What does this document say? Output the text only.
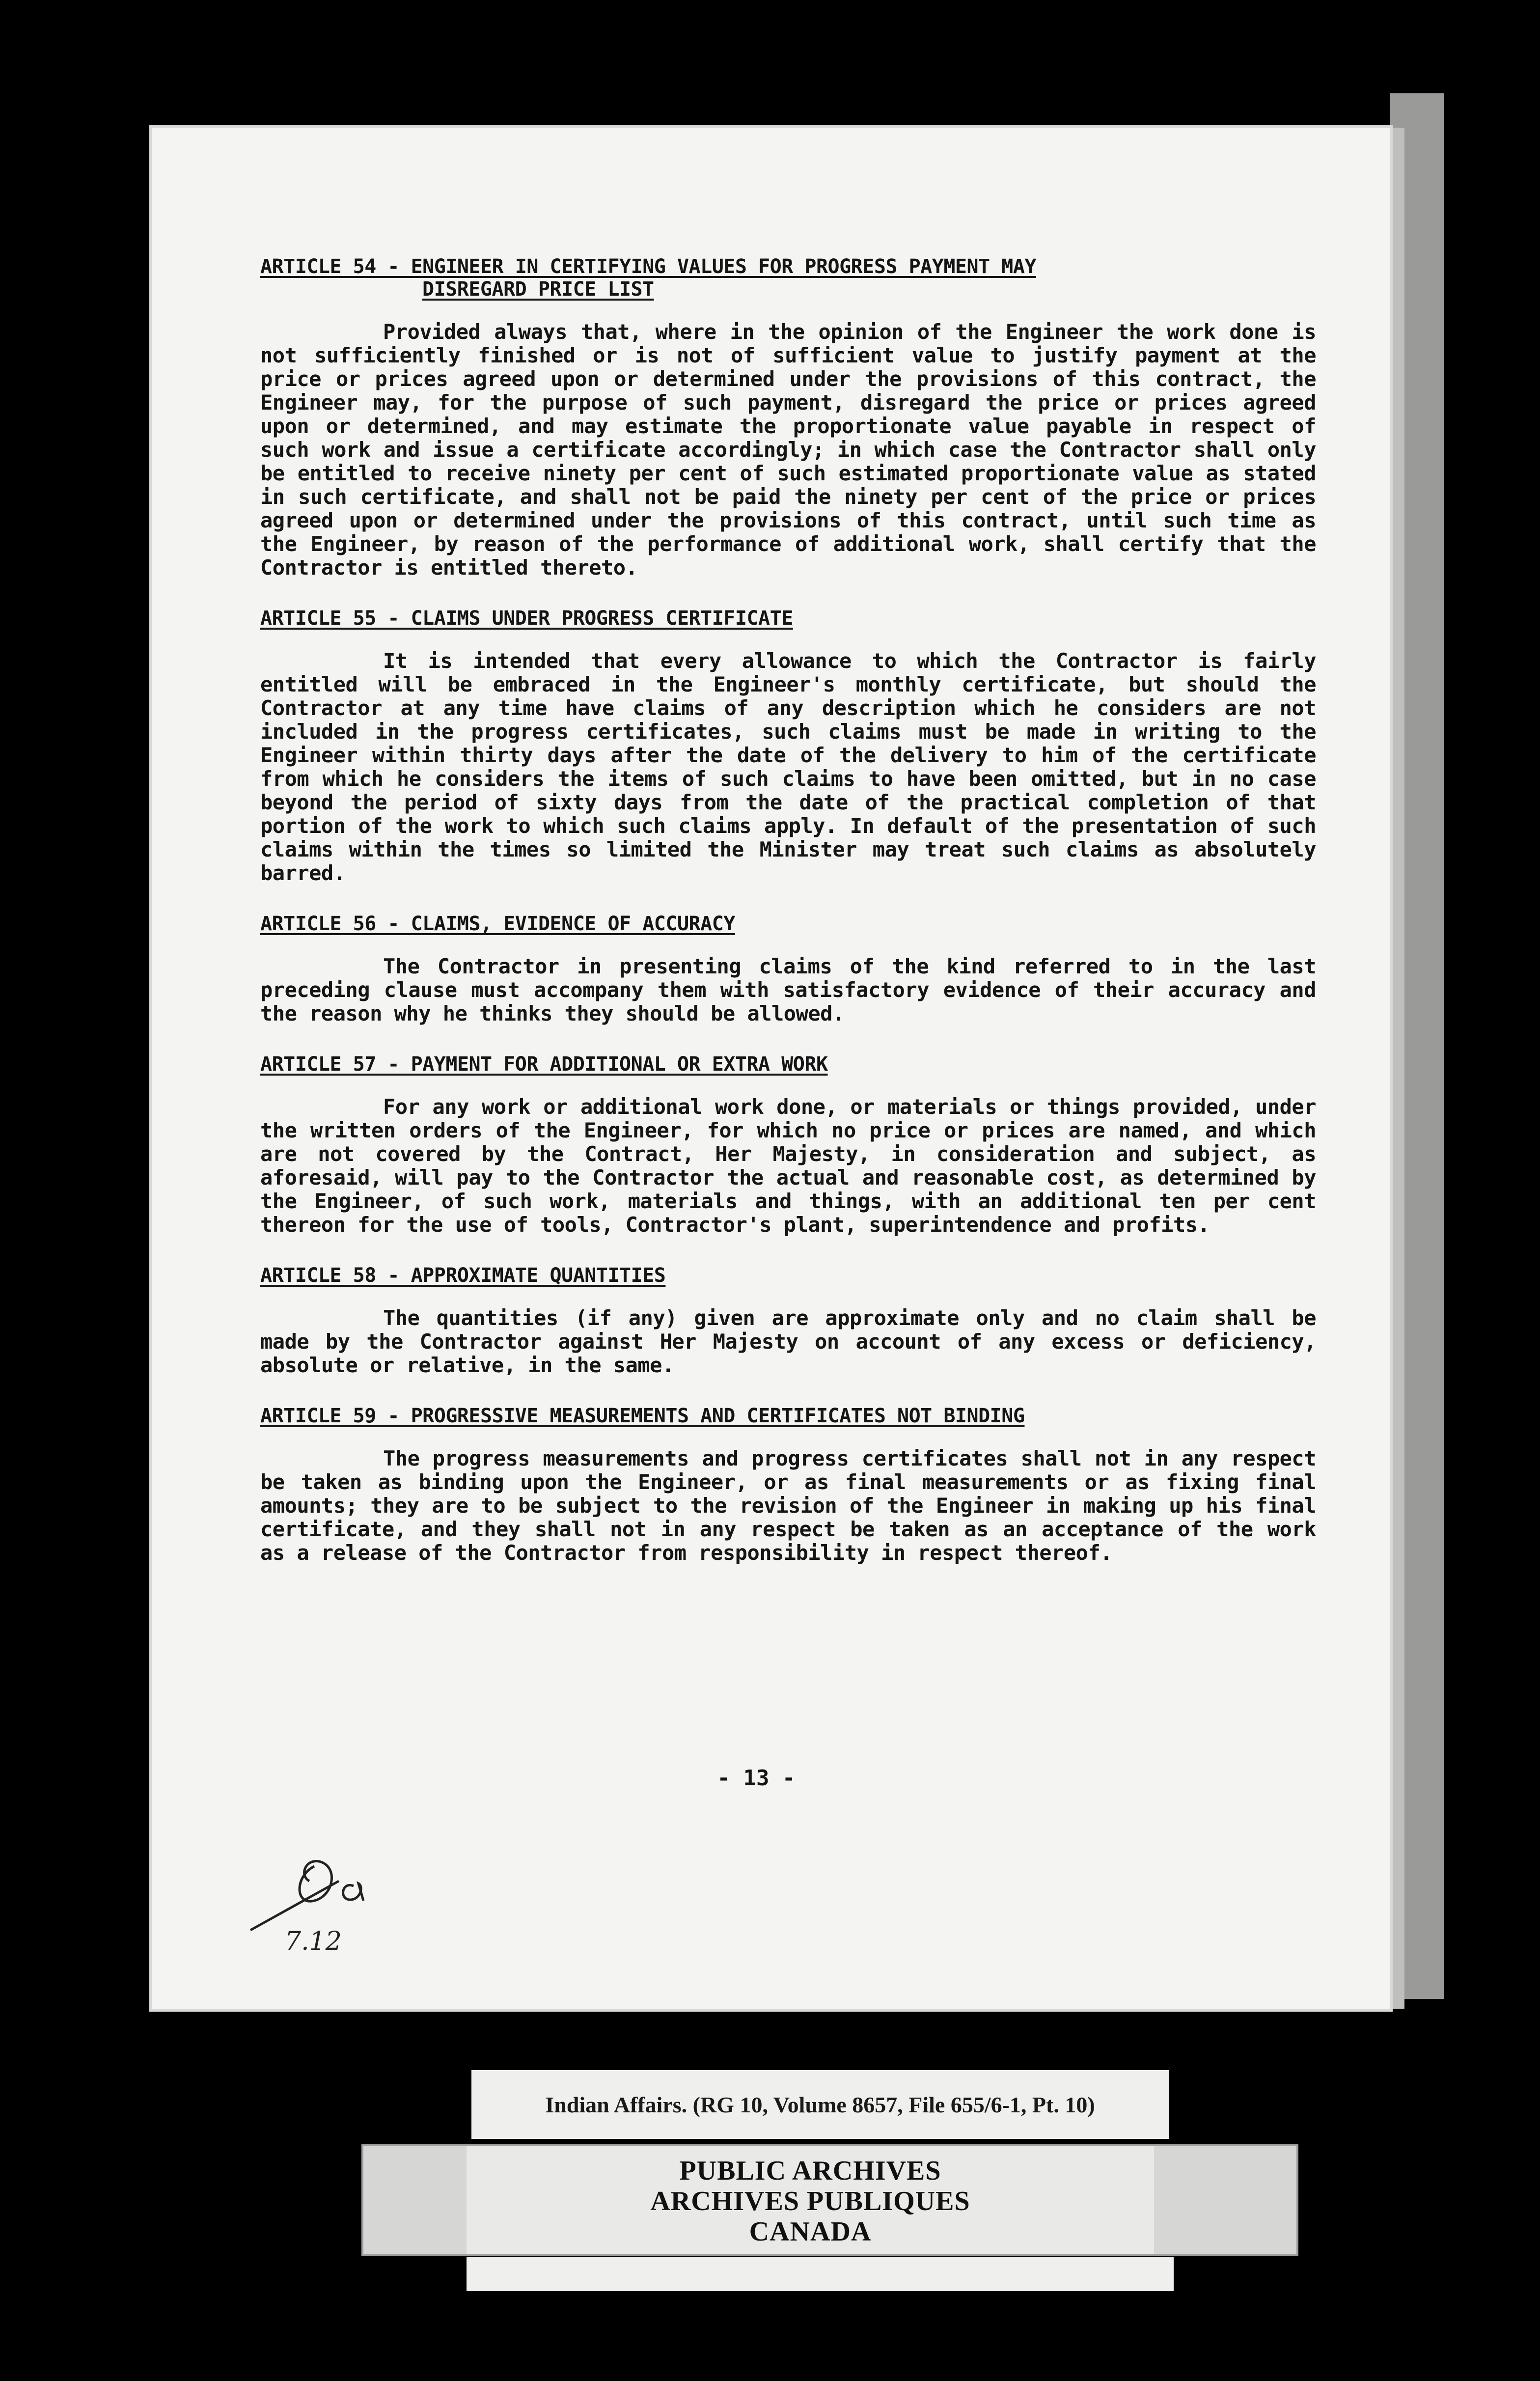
ARTICLE 54 - ENGINEER IN CERTIFYING VALUES FOR PROGRESS PAYMENT MAY

DISREGARD PRICE LIST

Provided always that, where in the opinion of the Engineer the work done is not sufficiently finished or is not of sufficient value to justify payment at the price or prices agreed upon or determined under the provisions of this contract, the Engineer may, for the purpose of such payment, disregard the price or prices agreed upon or determined, and may estimate the proportionate value payable in respect of such work and issue a certificate accordingly; in which case the Contractor shall only be entitled to receive ninety per cent of such estimated proportionate value as stated in such certificate, and shall not be paid the ninety per cent of the price or prices agreed upon or determined under the provisions of this contract, until such time as the Engineer, by reason of the performance of additional work, shall certify that the Contractor is entitled thereto.

ARTICLE 55 - CLAIMS UNDER PROGRESS CERTIFICATE

It is intended that every allowance to which the Contractor is fairly entitled will be embraced in the Engineer's monthly certificate, but should the Contractor at any time have claims of any description which he considers are not included in the progress certificates, such claims must be made in writing to the Engineer within thirty days after the date of the delivery to him of the certificate from which he considers the items of such claims to have been omitted, but in no case beyond the period of sixty days from the date of the practical completion of that portion of the work to which such claims apply. In default of the presentation of such claims within the times so limited the Minister may treat such claims as absolutely barred.

ARTICLE 56 - CLAIMS, EVIDENCE OF ACCURACY

The Contractor in presenting claims of the kind referred to in the last preceding clause must accompany them with satisfactory evidence of their accuracy and the reason why he thinks they should be allowed.

ARTICLE 57 - PAYMENT FOR ADDITIONAL OR EXTRA WORK

For any work or additional work done, or materials or things provided, under the written orders of the Engineer, for which no price or prices are named, and which are not covered by the Contract, Her Majesty, in consideration and subject, as aforesaid, will pay to the Contractor the actual and reasonable cost, as determined by the Engineer, of such work, materials and things, with an additional ten per cent thereon for the use of tools, Contractor's plant, superintendence and profits.

ARTICLE 58 - APPROXIMATE QUANTITIES

The quantities (if any) given are approximate only and no claim shall be made by the Contractor against Her Majesty on account of any excess or deficiency, absolute or relative, in the same.

ARTICLE 59 - PROGRESSIVE MEASUREMENTS AND CERTIFICATES NOT BINDING

The progress measurements and progress certificates shall not in any respect be taken as binding upon the Engineer, or as final measurements or as fixing final amounts; they are to be subject to the revision of the Engineer in making up his final certificate, and they shall not in any respect be taken as an acceptance of the work as a release of the Contractor from responsibility in respect thereof.

- 13 -
7.12
Indian Affairs. (RG 10, Volume 8657, File 655/6-1, Pt. 10)
PUBLIC ARCHIVES
ARCHIVES PUBLIQUES
CANADA
